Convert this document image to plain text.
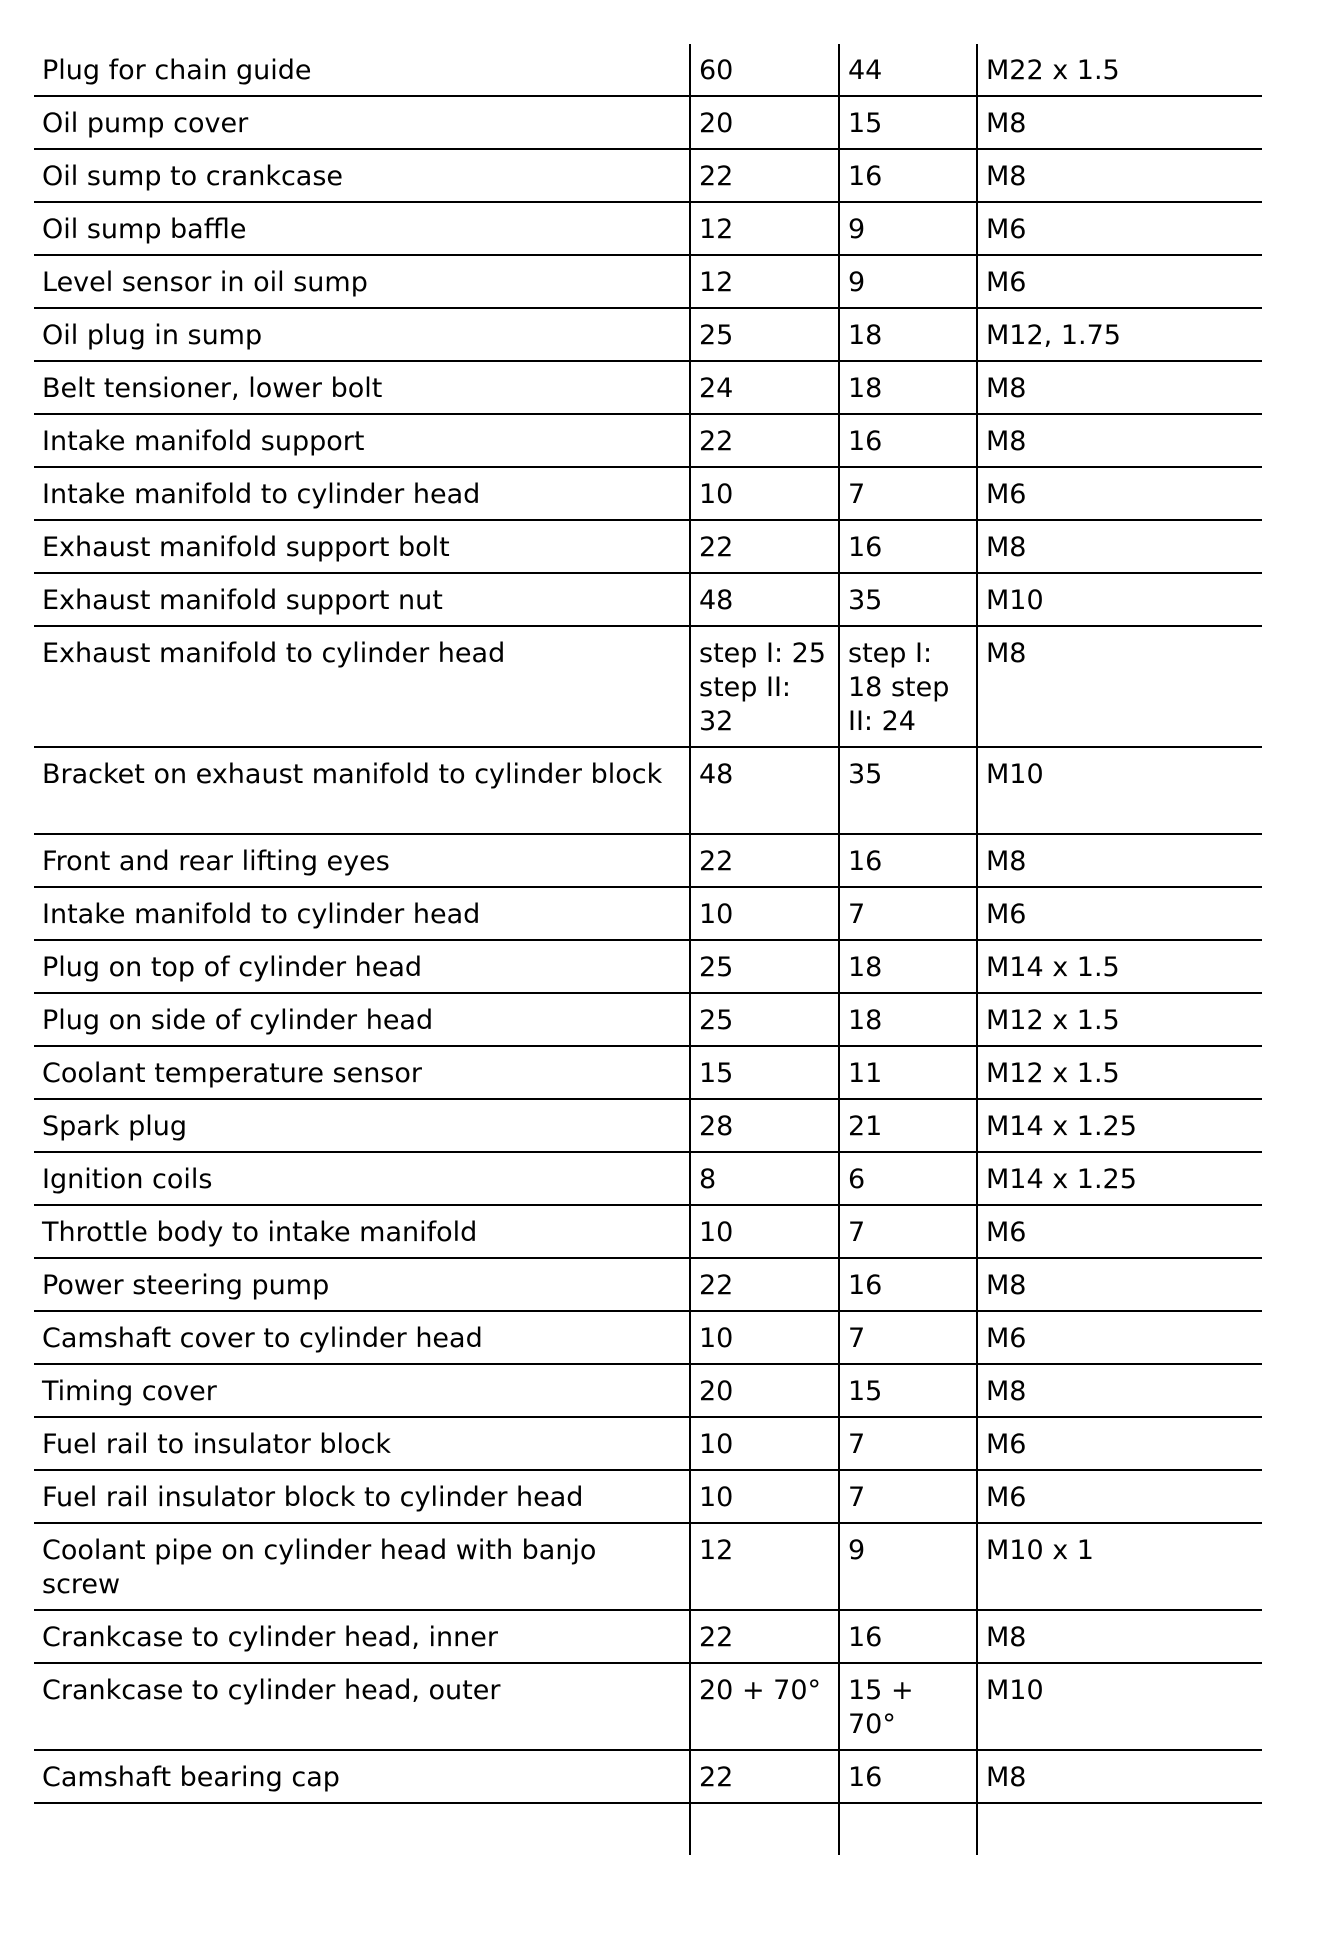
Plug for chain guide	60	44	M22 x 1.5
Oil pump cover	20	15	M8
Oil sump to crankcase	22	16	M8
Oil sump baffle	12	9	M6
Level sensor in oil sump	12	9	M6
Oil plug in sump	25	18	M12, 1.75
Belt tensioner, lower bolt	24	18	M8
Intake manifold support	22	16	M8
Intake manifold to cylinder head	10	7	M6
Exhaust manifold support bolt	22	16	M8
Exhaust manifold support nut	48	35	M10
Exhaust manifold to cylinder head	step I: 25 step II: 32	step I: 18 step II: 24	M8
Bracket on exhaust manifold to cylinder block	48	35	M10
Front and rear lifting eyes	22	16	M8
Intake manifold to cylinder head	10	7	M6
Plug on top of cylinder head	25	18	M14 x 1.5
Plug on side of cylinder head	25	18	M12 x 1.5
Coolant temperature sensor	15	11	M12 x 1.5
Spark plug	28	21	M14 x 1.25
Ignition coils	8	6	M14 x 1.25
Throttle body to intake manifold	10	7	M6
Power steering pump	22	16	M8
Camshaft cover to cylinder head	10	7	M6
Timing cover	20	15	M8
Fuel rail to insulator block	10	7	M6
Fuel rail insulator block to cylinder head	10	7	M6
Coolant pipe on cylinder head with banjo screw	12	9	M10 x 1
Crankcase to cylinder head, inner	22	16	M8
Crankcase to cylinder head, outer	20 + 70°	15 + 70°	M10
Camshaft bearing cap	22	16	M8
